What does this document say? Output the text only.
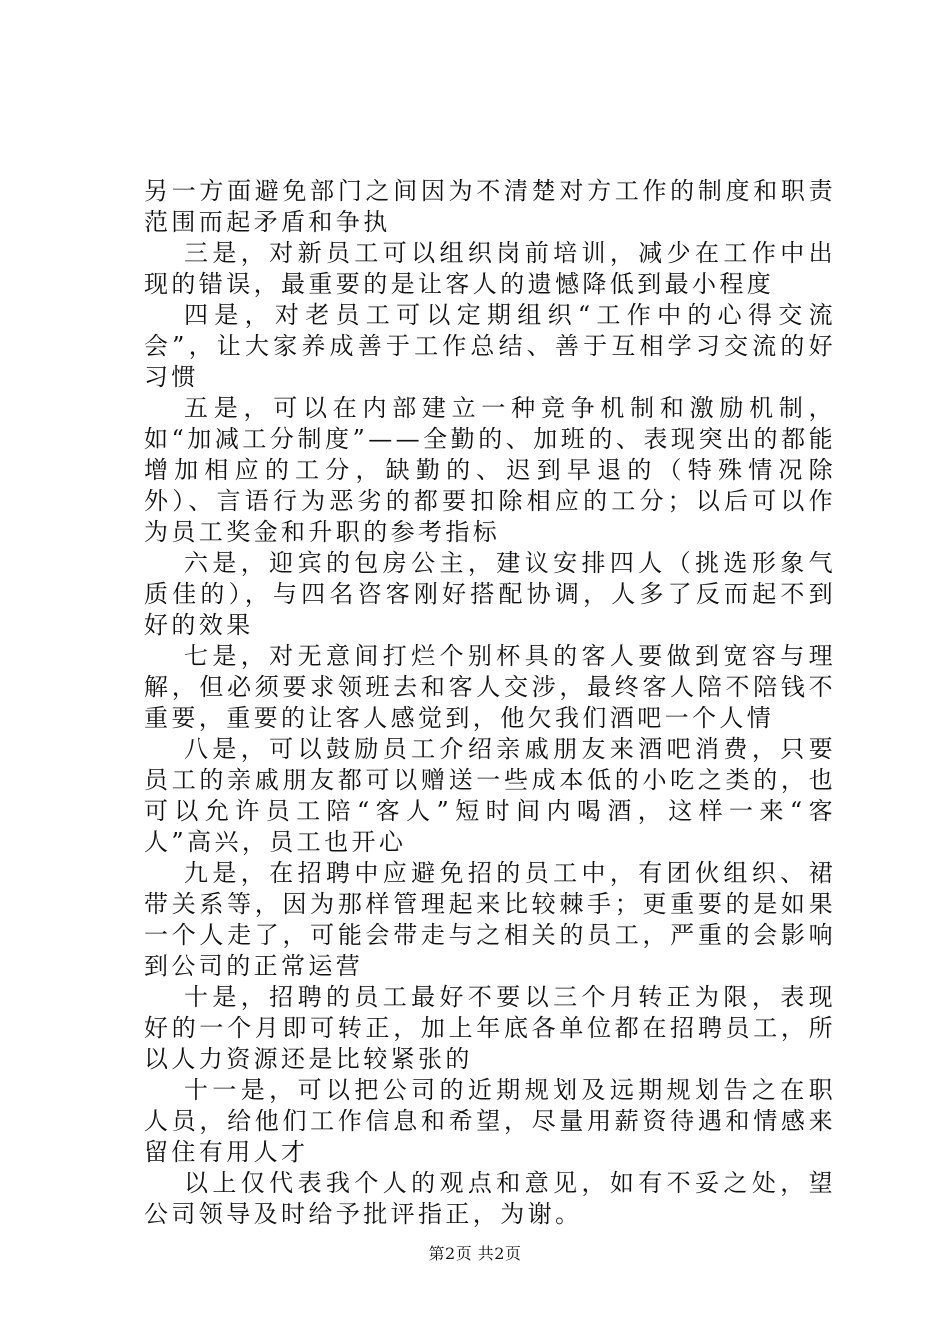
另一方面避免部门之间因为不清楚对方工作的制度和职责范围而起矛盾和争执

三是，对新员工可以组织岗前培训，减少在工作中出现的错误，最重要的是让客人的遗憾降低到最小程度

四是，对老员工可以定期组织“工作中的心得交流会”，让大家养成善于工作总结、善于互相学习交流的好习惯

五是，可以在内部建立一种竞争机制和激励机制，如“加减工分制度”——全勤的、加班的、表现突出的都能增加相应的工分，缺勤的、迟到早退的（特殊情况除外）、言语行为恶劣的都要扣除相应的工分；以后可以作为员工奖金和升职的参考指标

六是，迎宾的包房公主，建议安排四人（挑选形象气质佳的），与四名咨客刚好搭配协调，人多了反而起不到好的效果

七是，对无意间打烂个别杯具的客人要做到宽容与理解，但必须要求领班去和客人交涉，最终客人陪不陪钱不重要，重要的让客人感觉到，他欠我们酒吧一个人情

八是，可以鼓励员工介绍亲戚朋友来酒吧消费，只要员工的亲戚朋友都可以赠送一些成本低的小吃之类的，也可以允许员工陪“客人”短时间内喝酒，这样一来“客人”高兴，员工也开心

九是，在招聘中应避免招的员工中，有团伙组织、裙带关系等，因为那样管理起来比较棘手；更重要的是如果一个人走了，可能会带走与之相关的员工，严重的会影响到公司的正常运营

十是，招聘的员工最好不要以三个月转正为限，表现好的一个月即可转正，加上年底各单位都在招聘员工，所以人力资源还是比较紧张的

十一是，可以把公司的近期规划及远期规划告之在职人员，给他们工作信息和希望，尽量用薪资待遇和情感来留住有用人才

以上仅代表我个人的观点和意见，如有不妥之处，望公司领导及时给予批评指正，为谢。

第2页 共2页
